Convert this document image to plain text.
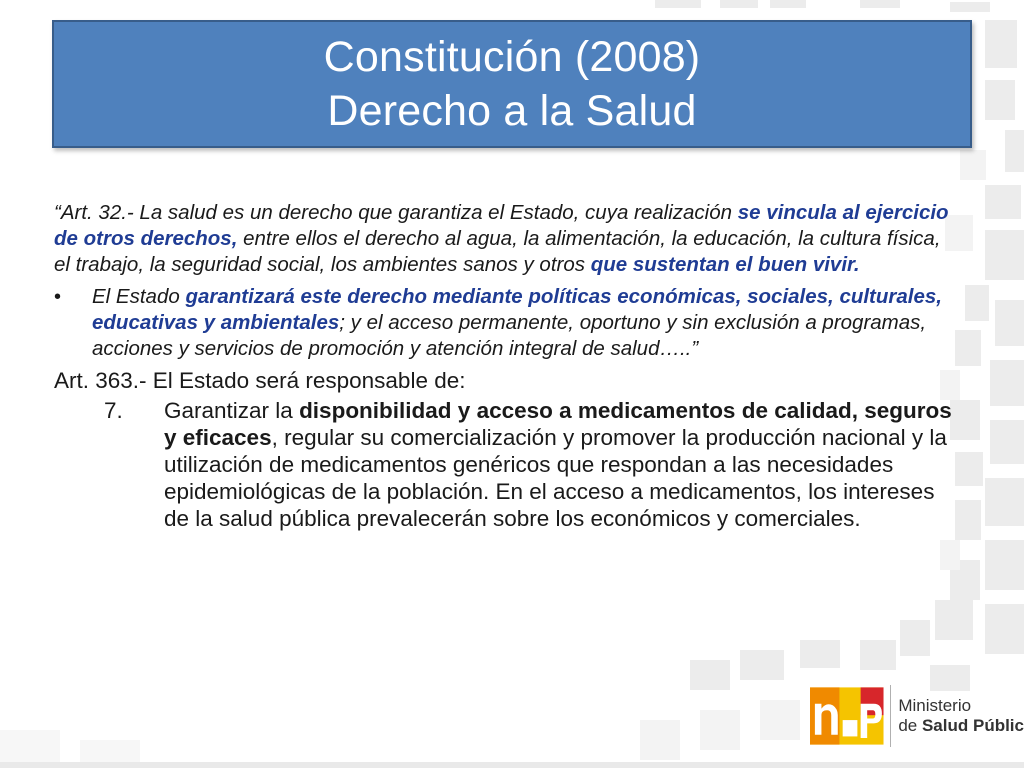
Constitución (2008)
Derecho a la Salud
“Art. 32.- La salud es un derecho que garantiza el Estado, cuya realización se vincula al ejercicio de otros derechos, entre ellos el derecho al agua, la alimentación, la educación, la cultura física, el trabajo, la seguridad social, los ambientes sanos y otros que sustentan el buen vivir.
•	El Estado garantizará este derecho mediante políticas económicas, sociales, culturales, educativas y ambientales; y el acceso permanente, oportuno y sin exclusión a programas, acciones y servicios de promoción y atención integral de salud…..”
Art. 363.- El Estado será responsable de:
7.	Garantizar la disponibilidad y acceso a medicamentos de calidad, seguros y eficaces, regular su comercialización y promover la producción nacional y la utilización de medicamentos genéricos que respondan a las necesidades epidemiológicas de la población. En el acceso a medicamentos, los intereses de la salud pública prevalecerán sobre los económicos y comerciales.
Ministerio
de Salud Públic
